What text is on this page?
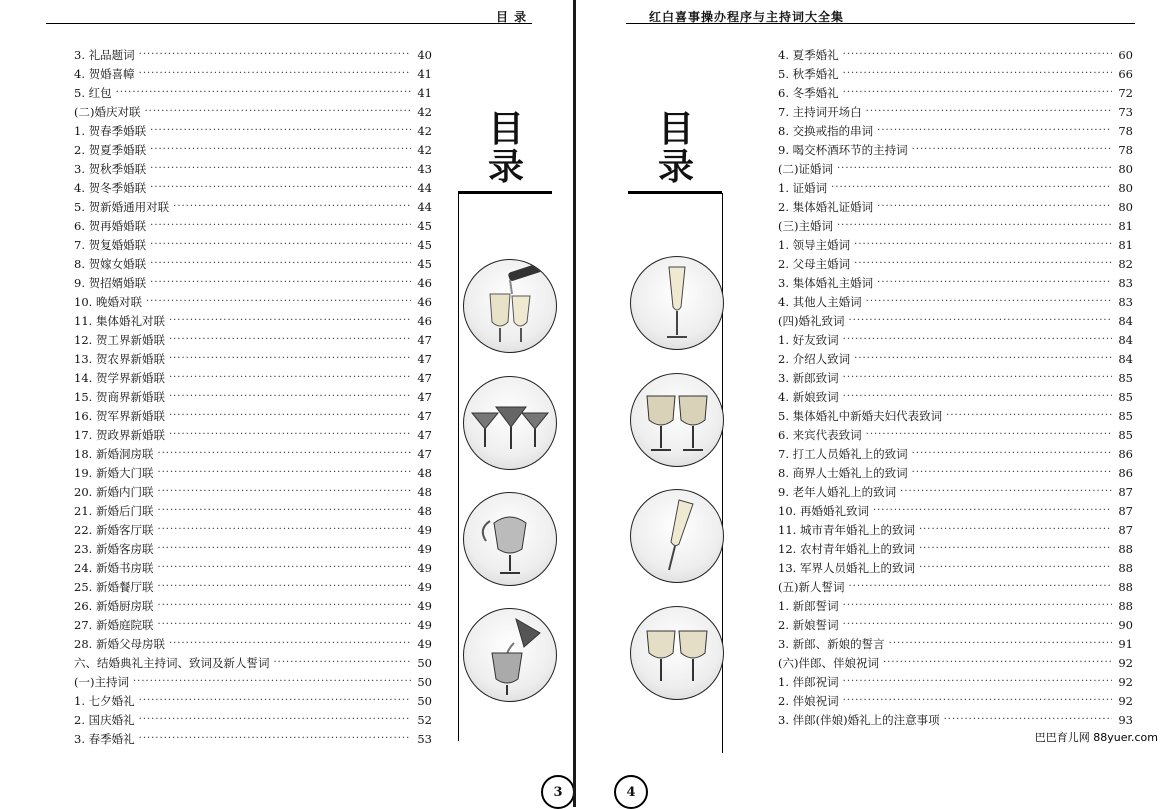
目 录
3. 礼品题词 ·····	40
4. 贺婚喜幛 ·····	41
5. 红包 ·····	41
(二)婚庆对联 ·····	42
1. 贺春季婚联 ·····	42
2. 贺夏季婚联 ·····	42
3. 贺秋季婚联 ·····	43
4. 贺冬季婚联 ·····	44
5. 贺新婚通用对联 ·····	44
6. 贺再婚婚联 ·····	45
7. 贺复婚婚联 ·····	45
8. 贺嫁女婚联 ·····	45
9. 贺招婿婚联 ·····	46
10. 晚婚对联 ·····	46
11. 集体婚礼对联 ·····	46
12. 贺工界新婚联 ·····	47
13. 贺农界新婚联 ·····	47
14. 贺学界新婚联 ·····	47
15. 贺商界新婚联 ·····	47
16. 贺军界新婚联 ·····	47
17. 贺政界新婚联 ·····	47
18. 新婚洞房联 ·····	47
19. 新婚大门联 ·····	48
20. 新婚内门联 ·····	48
21. 新婚后门联 ·····	48
22. 新婚客厅联 ·····	49
23. 新婚客房联 ·····	49
24. 新婚书房联 ·····	49
25. 新婚餐厅联 ·····	49
26. 新婚厨房联 ·····	49
27. 新婚庭院联 ·····	49
28. 新婚父母房联 ·····	49
六、结婚典礼主持词、致词及新人誓词 ·····	50
(一)主持词 ·····	50
1. 七夕婚礼 ·····	50
2. 国庆婚礼 ·····	52
3. 春季婚礼 ·····	53
目
录
3
红白喜事操办程序与主持词大全集
目
录
4. 夏季婚礼 ·····	60
5. 秋季婚礼 ·····	66
6. 冬季婚礼 ·····	72
7. 主持词开场白 ·····	73
8. 交换戒指的串词 ·····	78
9. 喝交杯酒环节的主持词 ·····	78
(二)证婚词 ·····	80
1. 证婚词 ·····	80
2. 集体婚礼证婚词 ·····	80
(三)主婚词 ·····	81
1. 领导主婚词 ·····	81
2. 父母主婚词 ·····	82
3. 集体婚礼主婚词 ·····	83
4. 其他人主婚词 ·····	83
(四)婚礼致词 ·····	84
1. 好友致词 ·····	84
2. 介绍人致词 ·····	84
3. 新郎致词 ·····	85
4. 新娘致词 ·····	85
5. 集体婚礼中新婚夫妇代表致词 ·····	85
6. 来宾代表致词 ·····	85
7. 打工人员婚礼上的致词 ·····	86
8. 商界人士婚礼上的致词 ·····	86
9. 老年人婚礼上的致词 ·····	87
10. 再婚婚礼致词 ·····	87
11. 城市青年婚礼上的致词 ·····	87
12. 农村青年婚礼上的致词 ·····	88
13. 军界人员婚礼上的致词 ·····	88
(五)新人誓词 ·····	88
1. 新郎誓词 ·····	88
2. 新娘誓词 ·····	90
3. 新郎、新娘的誓言 ·····	91
(六)伴郎、伴娘祝词 ·····	92
1. 伴郎祝词 ·····	92
2. 伴娘祝词 ·····	92
3. 伴郎(伴娘)婚礼上的注意事项 ·····	93
巴巴育儿网 88yuer.com
4
